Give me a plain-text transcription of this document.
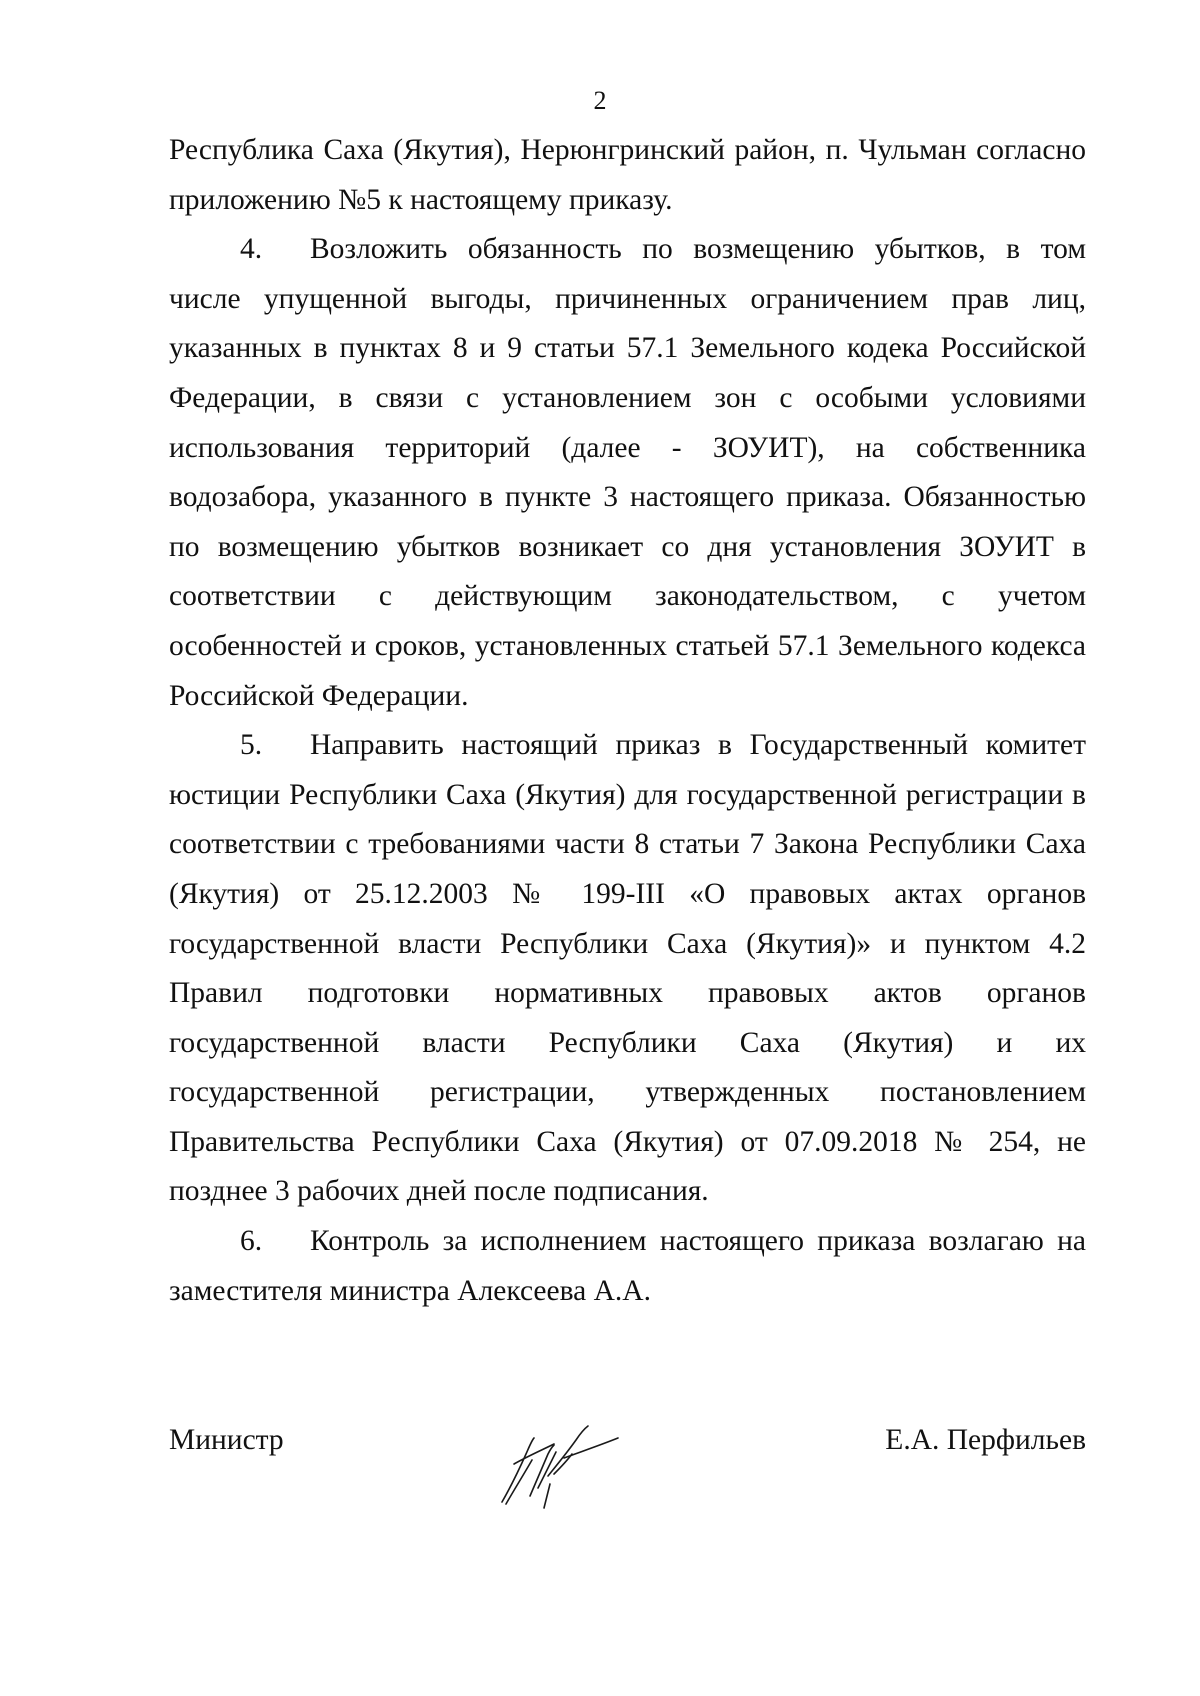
2

Республика Саха (Якутия), Нерюнгринский район, п. Чульман согласно приложению №5 к настоящему приказу.

4. Возложить обязанность по возмещению убытков, в том числе упущенной выгоды, причиненных ограничением прав лиц, указанных в пунктах 8 и 9 статьи 57.1 Земельного кодека Российской Федерации, в связи с установлением зон с особыми условиями использования территорий (далее - ЗОУИТ), на собственника водозабора, указанного в пункте 3 настоящего приказа. Обязанностью по возмещению убытков возникает со дня установления ЗОУИТ в соответствии с действующим законодательством, с учетом особенностей и сроков, установленных статьей 57.1 Земельного кодекса Российской Федерации.

5. Направить настоящий приказ в Государственный комитет юстиции Республики Саха (Якутия) для государственной регистрации в соответствии с требованиями части 8 статьи 7 Закона Республики Саха (Якутия) от 25.12.2003 № 199-III «О правовых актах органов государственной власти Республики Саха (Якутия)» и пунктом 4.2 Правил подготовки нормативных правовых актов органов государственной власти Республики Саха (Якутия) и их государственной регистрации, утвержденных постановлением Правительства Республики Саха (Якутия) от 07.09.2018 № 254, не позднее 3 рабочих дней после подписания.

6. Контроль за исполнением настоящего приказа возлагаю на заместителя министра Алексеева А.А.

Министр	Е.А. Перфильев
